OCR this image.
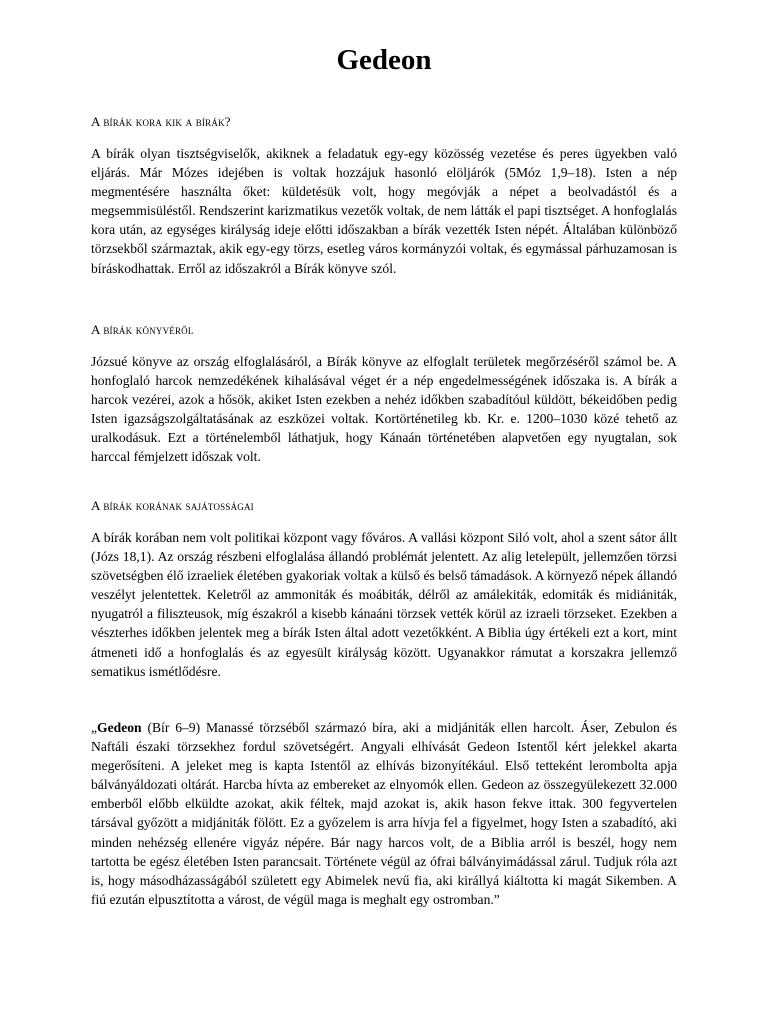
Gedeon
A bírák kora kik a bírák?

A bírák olyan tisztségviselők, akiknek a feladatuk egy-egy közösség vezetése és peres ügyekben való eljárás. Már Mózes idejében is voltak hozzájuk hasonló elöljárók (5Móz 1,9–18). Isten a nép megmentésére használta őket: küldetésük volt, hogy megóvják a népet a beolvadástól és a megsemmisüléstől. Rendszerint karizmatikus vezetők voltak, de nem látták el papi tisztséget. A honfoglalás kora után, az egységes királyság ideje előtti időszakban a bírák vezették Isten népét. Általában különböző törzsekből származtak, akik egy-egy törzs, esetleg város kormányzói voltak, és egymással párhuzamosan is bíráskodhattak. Erről az időszakról a Bírák könyve szól.

A bírák könyvéről

Józsué könyve az ország elfoglalásáról, a Bírák könyve az elfoglalt területek megőrzéséről számol be. A honfoglaló harcok nemzedékének kihalásával véget ér a nép engedelmességének időszaka is. A bírák a harcok vezérei, azok a hősök, akiket Isten ezekben a nehéz időkben szabadítóul küldött, békeidőben pedig Isten igazságszolgáltatásának az eszközei voltak. Kortörténetileg kb. Kr. e. 1200–1030 közé tehető az uralkodásuk. Ezt a történelemből láthatjuk, hogy Kánaán történetében alapvetően egy nyugtalan, sok harccal fémjelzett időszak volt.

A bírák korának sajátosságai

A bírák korában nem volt politikai központ vagy főváros. A vallási központ Siló volt, ahol a szent sátor állt (Józs 18,1). Az ország részbeni elfoglalása állandó problémát jelentett. Az alig letelepült, jellemzően törzsi szövetségben élő izraeliek életében gyakoriak voltak a külső és belső támadások. A környező népek állandó veszélyt jelentettek. Keletről az ammoniták és moábiták, délről az amálekiták, edomiták és midiániták, nyugatról a filiszteusok, míg északról a kisebb kánaáni törzsek vették körül az izraeli törzseket. Ezekben a vészterhes időkben jelentek meg a bírák Isten által adott vezetőkként. A Biblia úgy értékeli ezt a kort, mint átmeneti idő a honfoglalás és az egyesült királyság között. Ugyanakkor rámutat a korszakra jellemző sematikus ismétlődésre.

„Gedeon (Bír 6–9) Manassé törzséből származó bíra, aki a midjániták ellen harcolt. Áser, Zebulon és Naftáli északi törzsekhez fordul szövetségért. Angyali elhívását Gedeon Istentől kért jelekkel akarta megerősíteni. A jeleket meg is kapta Istentől az elhívás bizonyítékául. Első tetteként lerombolta apja bálványáldozati oltárát. Harcba hívta az embereket az elnyomók ellen. Gedeon az összegyülekezett 32.000 emberből előbb elküldte azokat, akik féltek, majd azokat is, akik hason fekve ittak. 300 fegyvertelen társával győzött a midjániták fölött. Ez a győzelem is arra hívja fel a figyelmet, hogy Isten a szabadító, aki minden nehézség ellenére vigyáz népére. Bár nagy harcos volt, de a Biblia arról is beszél, hogy nem tartotta be egész életében Isten parancsait. Története végül az ófrai bálványimádással zárul. Tudjuk róla azt is, hogy másodházasságából született egy Abimelek nevű fia, aki királlyá kiáltotta ki magát Sikemben. A fiú ezután elpusztította a várost, de végül maga is meghalt egy ostromban.”
